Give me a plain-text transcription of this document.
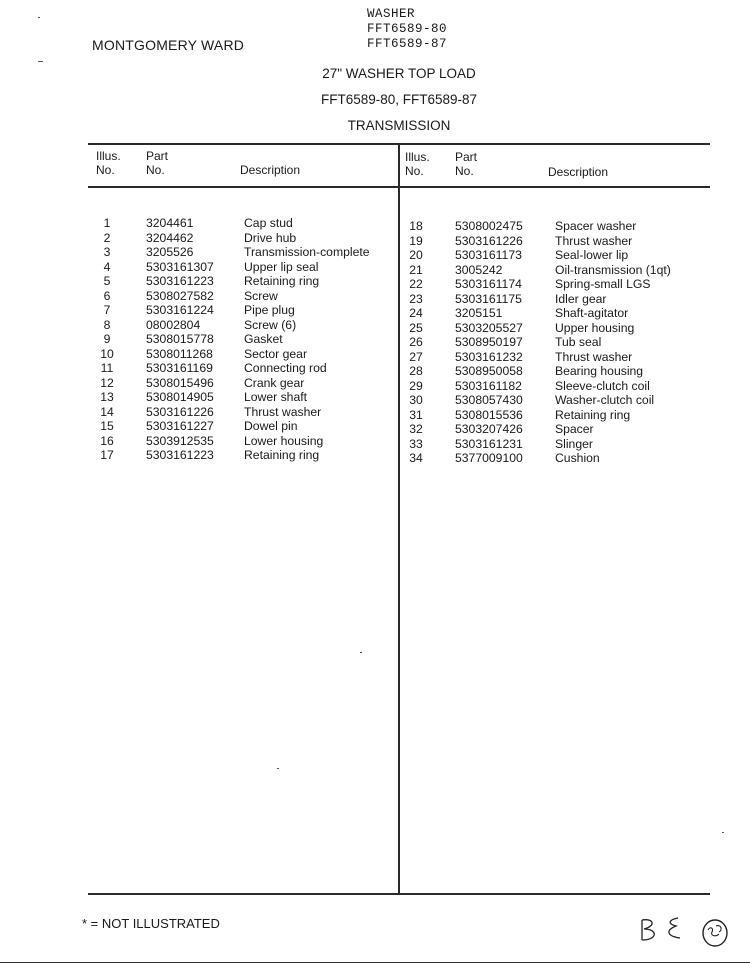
WASHER
FFT6589-80
FFT6589-87
MONTGOMERY WARD
27" WASHER TOP LOAD
FFT6589-80, FFT6589-87
TRANSMISSION
Illus.
No.
Part
No.	Description
Illus.
No.
Part
No.	Description
1	3204461	Cap stud
2	3204462	Drive hub
3	3205526	Transmission-complete
4	5303161307 Upper lip seal
5	5303161223 Retaining ring
6	5308027582 Screw
7	5303161224 Pipe plug
8	08002804	Screw (6)
9	5308015778 Gasket
10	5308011268	Sector gear
11	5303161169	Connecting rod
12	5308015496 Crank gear
13	5308014905 Lower shaft
14	5303161226 Thrust washer
15	5303161227 Dowel pin
16	5303912535 Lower housing
17	5303161223 Retaining ring
18	5308002475	Spacer washer
19	5303161226	Thrust washer
20	5303161173	Seal-lower lip
21	3005242	Oil-transmission (1qt)
22	5303161174	Spring-small LGS
23	5303161175	Idler gear
24	3205151	Shaft-agitator
25	5303205527	Upper housing
26	5308950197	Tub seal
27	5303161232	Thrust washer
28	5308950058	Bearing housing
29	5303161182	Sleeve-clutch coil
30	5308057430	Washer-clutch coil
31	5308015536	Retaining ring
32	5303207426	Spacer
33	5303161231	Slinger
34	5377009100	Cushion
* = NOT ILLUSTRATED
